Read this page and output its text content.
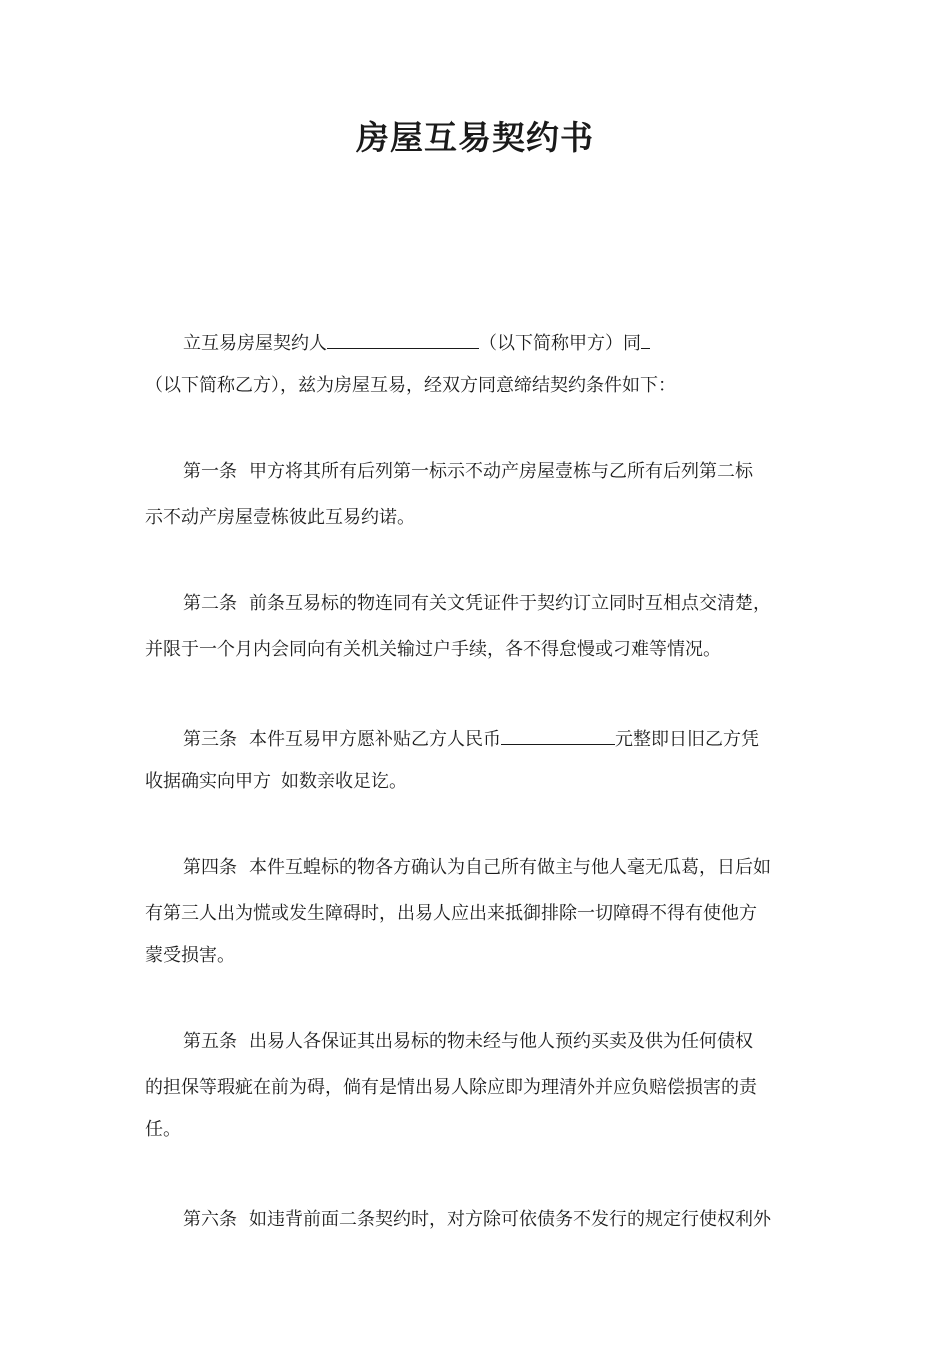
房屋互易契约书
立互易房屋契约人	（以下简称甲方）同
（以下简称乙方），兹为房屋互易，经双方同意缔结契约条件如下：
第一条 甲方将其所有后列第一标示不动产房屋壹栋与乙所有后列第二标
示不动产房屋壹栋彼此互易约诺。
第二条 前条互易标的物连同有关文凭证件于契约订立同时互相点交清楚，
并限于一个月内会同向有关机关输过户手续，各不得怠慢或刁难等情况。
第三条 本件互易甲方愿补贴乙方人民币	元整即日旧乙方凭
收据确实向甲方 如数亲收足讫。
第四条 本件互蝗标的物各方确认为自己所有做主与他人毫无瓜葛，日后如
有第三人出为慌或发生障碍时，出易人应出来抵御排除一切障碍不得有使他方
蒙受损害。
第五条 出易人各保证其出易标的物未经与他人预约买卖及供为任何债权
的担保等瑕疵在前为碍，倘有是情出易人除应即为理清外并应负赔偿损害的责
任。
第六条 如违背前面二条契约时，对方除可依债务不发行的规定行使权利外
